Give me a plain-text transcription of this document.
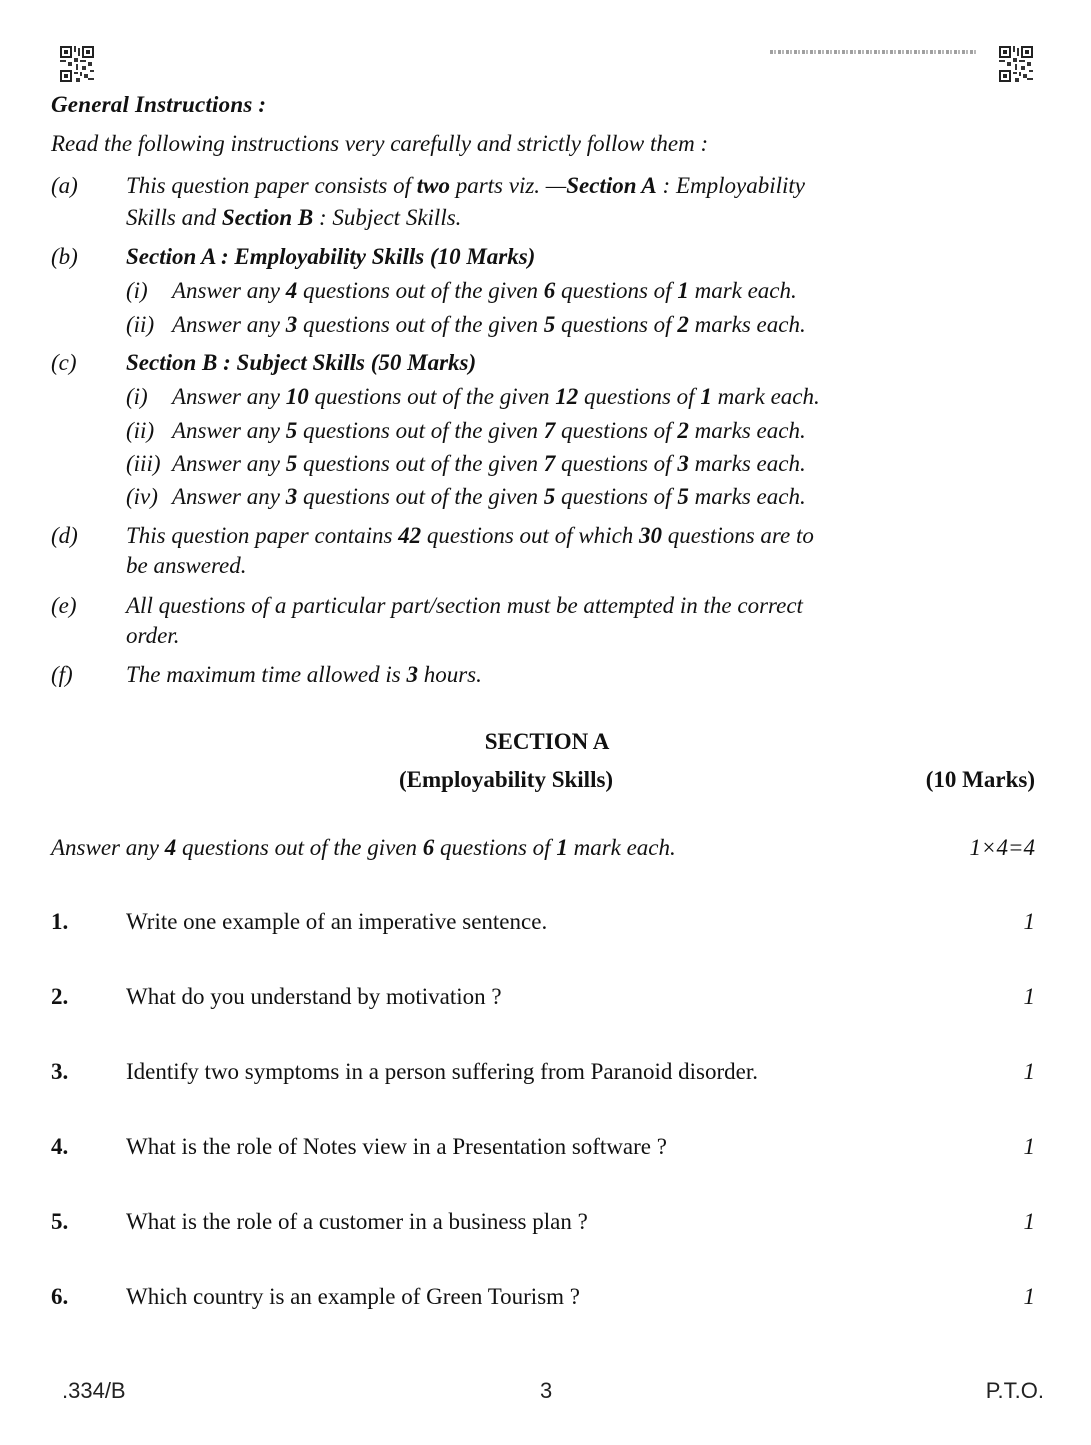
General Instructions :
Read the following instructions very carefully and strictly follow them :
(a) This question paper consists of two parts viz. —Section A : Employability
Skills and Section B : Subject Skills.
(b) Section A : Employability Skills (10 Marks)
(i) Answer any 4 questions out of the given 6 questions of 1 mark each.
(ii) Answer any 3 questions out of the given 5 questions of 2 marks each.
(c) Section B : Subject Skills (50 Marks)
(i) Answer any 10 questions out of the given 12 questions of 1 mark each.
(ii) Answer any 5 questions out of the given 7 questions of 2 marks each.
(iii) Answer any 5 questions out of the given 7 questions of 3 marks each.
(iv) Answer any 3 questions out of the given 5 questions of 5 marks each.
(d) This question paper contains 42 questions out of which 30 questions are to
be answered.
(e) All questions of a particular part/section must be attempted in the correct
order.
(f) The maximum time allowed is 3 hours.
SECTION A
(Employability Skills)	(10 Marks)
Answer any 4 questions out of the given 6 questions of 1 mark each.	1×4=4
1.	Write one example of an imperative sentence.	1
2.	What do you understand by motivation ?	1
3.	Identify two symptoms in a person suffering from Paranoid disorder.	1
4.	What is the role of Notes view in a Presentation software ?	1
5.	What is the role of a customer in a business plan ?	1
6.	Which country is an example of Green Tourism ?	1
.334/B	3	P.T.O.
